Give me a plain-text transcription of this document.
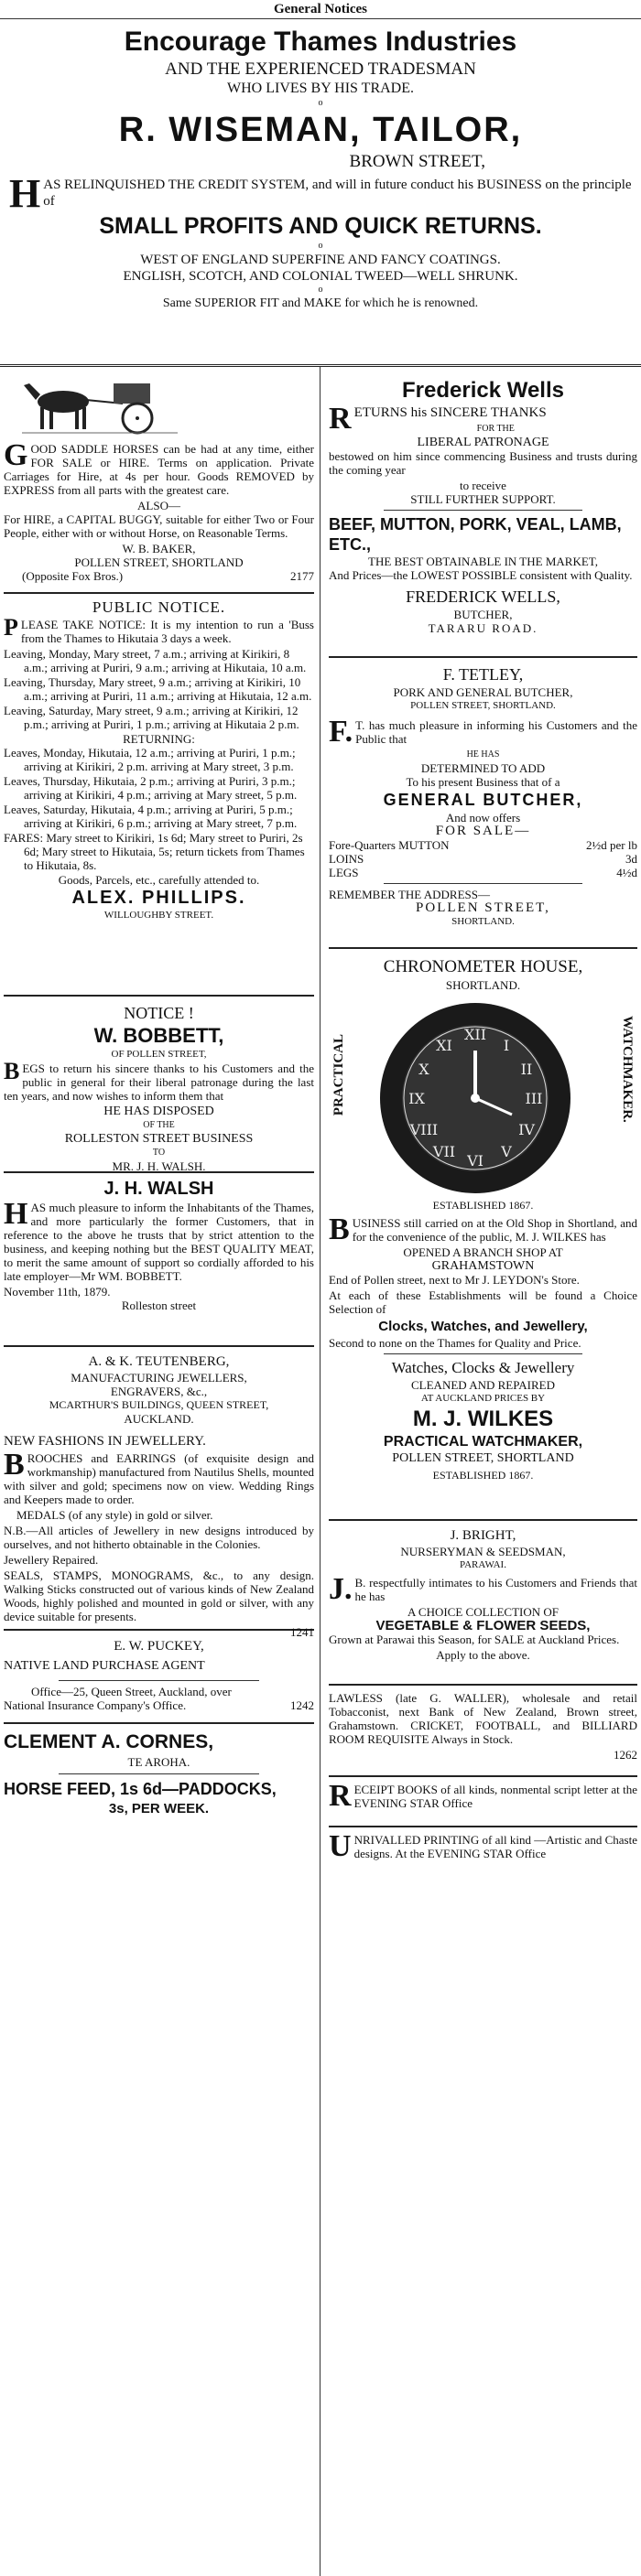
General Notices
Encourage Thames Industries
AND THE EXPERIENCED TRADESMAN
WHO LIVES BY HIS TRADE.
o
R. WISEMAN, TAILOR,
BROWN STREET,
H AS RELINQUISHED THE CREDIT SYSTEM, and will in future conduct his BUSINESS on the principle of
SMALL PROFITS AND QUICK RETURNS.
o
WEST OF ENGLAND SUPERFINE AND FANCY COATINGS.
ENGLISH, SCOTCH, AND COLONIAL TWEED—WELL SHRUNK.
o
Same SUPERIOR FIT and MAKE for which he is renowned.
GOOD SADDLE HORSES can be had at any time, either FOR SALE or HIRE. Terms on application. Private Carriages for Hire, at 4s per hour. Goods REMOVED by EXPRESS from all parts with the greatest care.
ALSO—
For HIRE, a CAPITAL BUGGY, suitable for either Two or Four People, either with or without Horse, on Reasonable Terms.
W. B. BAKER,
POLLEN STREET, SHORTLAND
(Opposite Fox Bros.)	2177
PUBLIC NOTICE.
PLEASE TAKE NOTICE: It is my intention to run a 'Buss from the Thames to Hikutaia 3 days a week.
Leaving, Monday, Mary street, 7 a.m.; arriving at Kirikiri, 8 a.m.; arriving at Puriri, 9 a.m.; arriving at Hikutaia, 10 a.m.
Leaving, Thursday, Mary street, 9 a.m.; arriving at Kirikiri, 10 a.m.; arriving at Puriri, 11 a.m.; arriving at Hikutaia, 12 a.m.
Leaving, Saturday, Mary street, 9 a.m.; arriving at Kirikiri, 12 p.m.; arriving at Puriri, 1 p.m.; arriving at Hikutaia 2 p.m.
RETURNING:
Leaves, Monday, Hikutaia, 12 a.m.; arriving at Puriri, 1 p.m.; arriving at Kirikiri, 2 p.m. arriving at Mary street, 3 p.m.
Leaves, Thursday, Hikutaia, 2 p.m.; arriving at Puriri, 3 p.m.; arriving at Kirikiri, 4 p.m.; arriving at Mary street, 5 p.m.
Leaves, Saturday, Hikutaia, 4 p.m.; arriving at Puriri, 5 p.m.; arriving at Kirikiri, 6 p.m.; arriving at Mary street, 7 p.m.
FARES: Mary street to Kirikiri, 1s 6d; Mary street to Puriri, 2s 6d; Mary street to Hikutaia, 5s; return tickets from Thames to Hikutaia, 8s.
Goods, Parcels, etc., carefully attended to.
ALEX. PHILLIPS.
WILLOUGHBY STREET.
NOTICE !
W. BOBBETT,
OF POLLEN STREET,
BEGS to return his sincere thanks to his Customers and the public in general for their liberal patronage during the last ten years, and now wishes to inform them that
HE HAS DISPOSED
OF THE
ROLLESTON STREET BUSINESS
TO
MR. J. H. WALSH.
J. H. WALSH
HAS much pleasure to inform the Inhabitants of the Thames, and more particularly the former Customers, that in reference to the above he trusts that by strict attention to the business, and keeping nothing but the BEST QUALITY MEAT, to merit the same amount of support so cordially afforded to his late employer—Mr WM. BOBBETT.
November 11th, 1879.
Rolleston street
A. & K. TEUTENBERG,
MANUFACTURING JEWELLERS,
ENGRAVERS, &c.,
MCARTHUR'S BUILDINGS, QUEEN STREET,
AUCKLAND.
NEW FASHIONS IN JEWELLERY.
BROOCHES and EARRINGS (of exquisite design and workmanship) manufactured from Nautilus Shells, mounted with silver and gold; specimens now on view. Wedding Rings and Keepers made to order.
MEDALS (of any style) in gold or silver.
N.B.—All articles of Jewellery in new designs introduced by ourselves, and not hitherto obtainable in the Colonies.
Jewellery Repaired.
SEALS, STAMPS, MONOGRAMS, &c., to any design. Walking Sticks constructed out of various kinds of New Zealand Woods, highly polished and mounted in gold or silver, with any device suitable for presents.
1241
E. W. PUCKEY,
NATIVE LAND PURCHASE AGENT
Office—25, Queen Street, Auckland, over
National Insurance Company's Office.	1242
CLEMENT A. CORNES,
TE AROHA.
HORSE FEED, 1s 6d—PADDOCKS,
3s, PER WEEK.
Frederick Wells
RETURNS his SINCERE THANKS
FOR THE
LIBERAL PATRONAGE
bestowed on him since commencing Business and trusts during the coming year
to receive
STILL FURTHER SUPPORT.
BEEF, MUTTON, PORK, VEAL, LAMB, ETC.,
THE BEST OBTAINABLE IN THE MARKET,
And Prices—the LOWEST POSSIBLE consistent with Quality.
FREDERICK WELLS,
BUTCHER,
TARARU ROAD.
F. TETLEY,
PORK AND GENERAL BUTCHER,
POLLEN STREET, SHORTLAND.
F. T. has much pleasure in informing his Customers and the Public that
HE HAS
DETERMINED TO ADD
To his present Business that of a
GENERAL BUTCHER,
And now offers
FOR SALE—
Fore-Quarters MUTTON	2½d per lb
LOINS	3d
LEGS	4½d
REMEMBER THE ADDRESS—
POLLEN STREET,
SHORTLAND.
CHRONOMETER HOUSE,
SHORTLAND.
PRACTICAL	XII
III
VI
IX
I
II
IV
V
VII
VIII
X
XI	WATCHMAKER.
ESTABLISHED 1867.
BUSINESS still carried on at the Old Shop in Shortland, and for the convenience of the public, M. J. WILKES has
OPENED A BRANCH SHOP AT
GRAHAMSTOWN
End of Pollen street, next to Mr J. LEYDON's Store.
At each of these Establishments will be found a Choice Selection of
Clocks, Watches, and Jewellery,
Second to none on the Thames for Quality and Price.
Watches, Clocks & Jewellery
CLEANED AND REPAIRED
AT AUCKLAND PRICES BY
M. J. WILKES
PRACTICAL WATCHMAKER,
POLLEN STREET, SHORTLAND
ESTABLISHED 1867.
J. BRIGHT,
NURSERYMAN & SEEDSMAN,
PARAWAI.
J. B. respectfully intimates to his Customers and Friends that he has
A CHOICE COLLECTION OF
VEGETABLE & FLOWER SEEDS,
Grown at Parawai this Season, for SALE at Auckland Prices.
Apply to the above.
LAWLESS (late G. WALLER), wholesale and retail Tobacconist, next Bank of New Zealand, Brown street, Grahamstown. CRICKET, FOOTBALL, and BILLIARD ROOM REQUISITE Always in Stock.
1262
RECEIPT BOOKS of all kinds, nonmental script letter at the EVENING STAR Office
UNRIVALLED PRINTING of all kind —Artistic and Chaste designs. At the EVENING STAR Office
